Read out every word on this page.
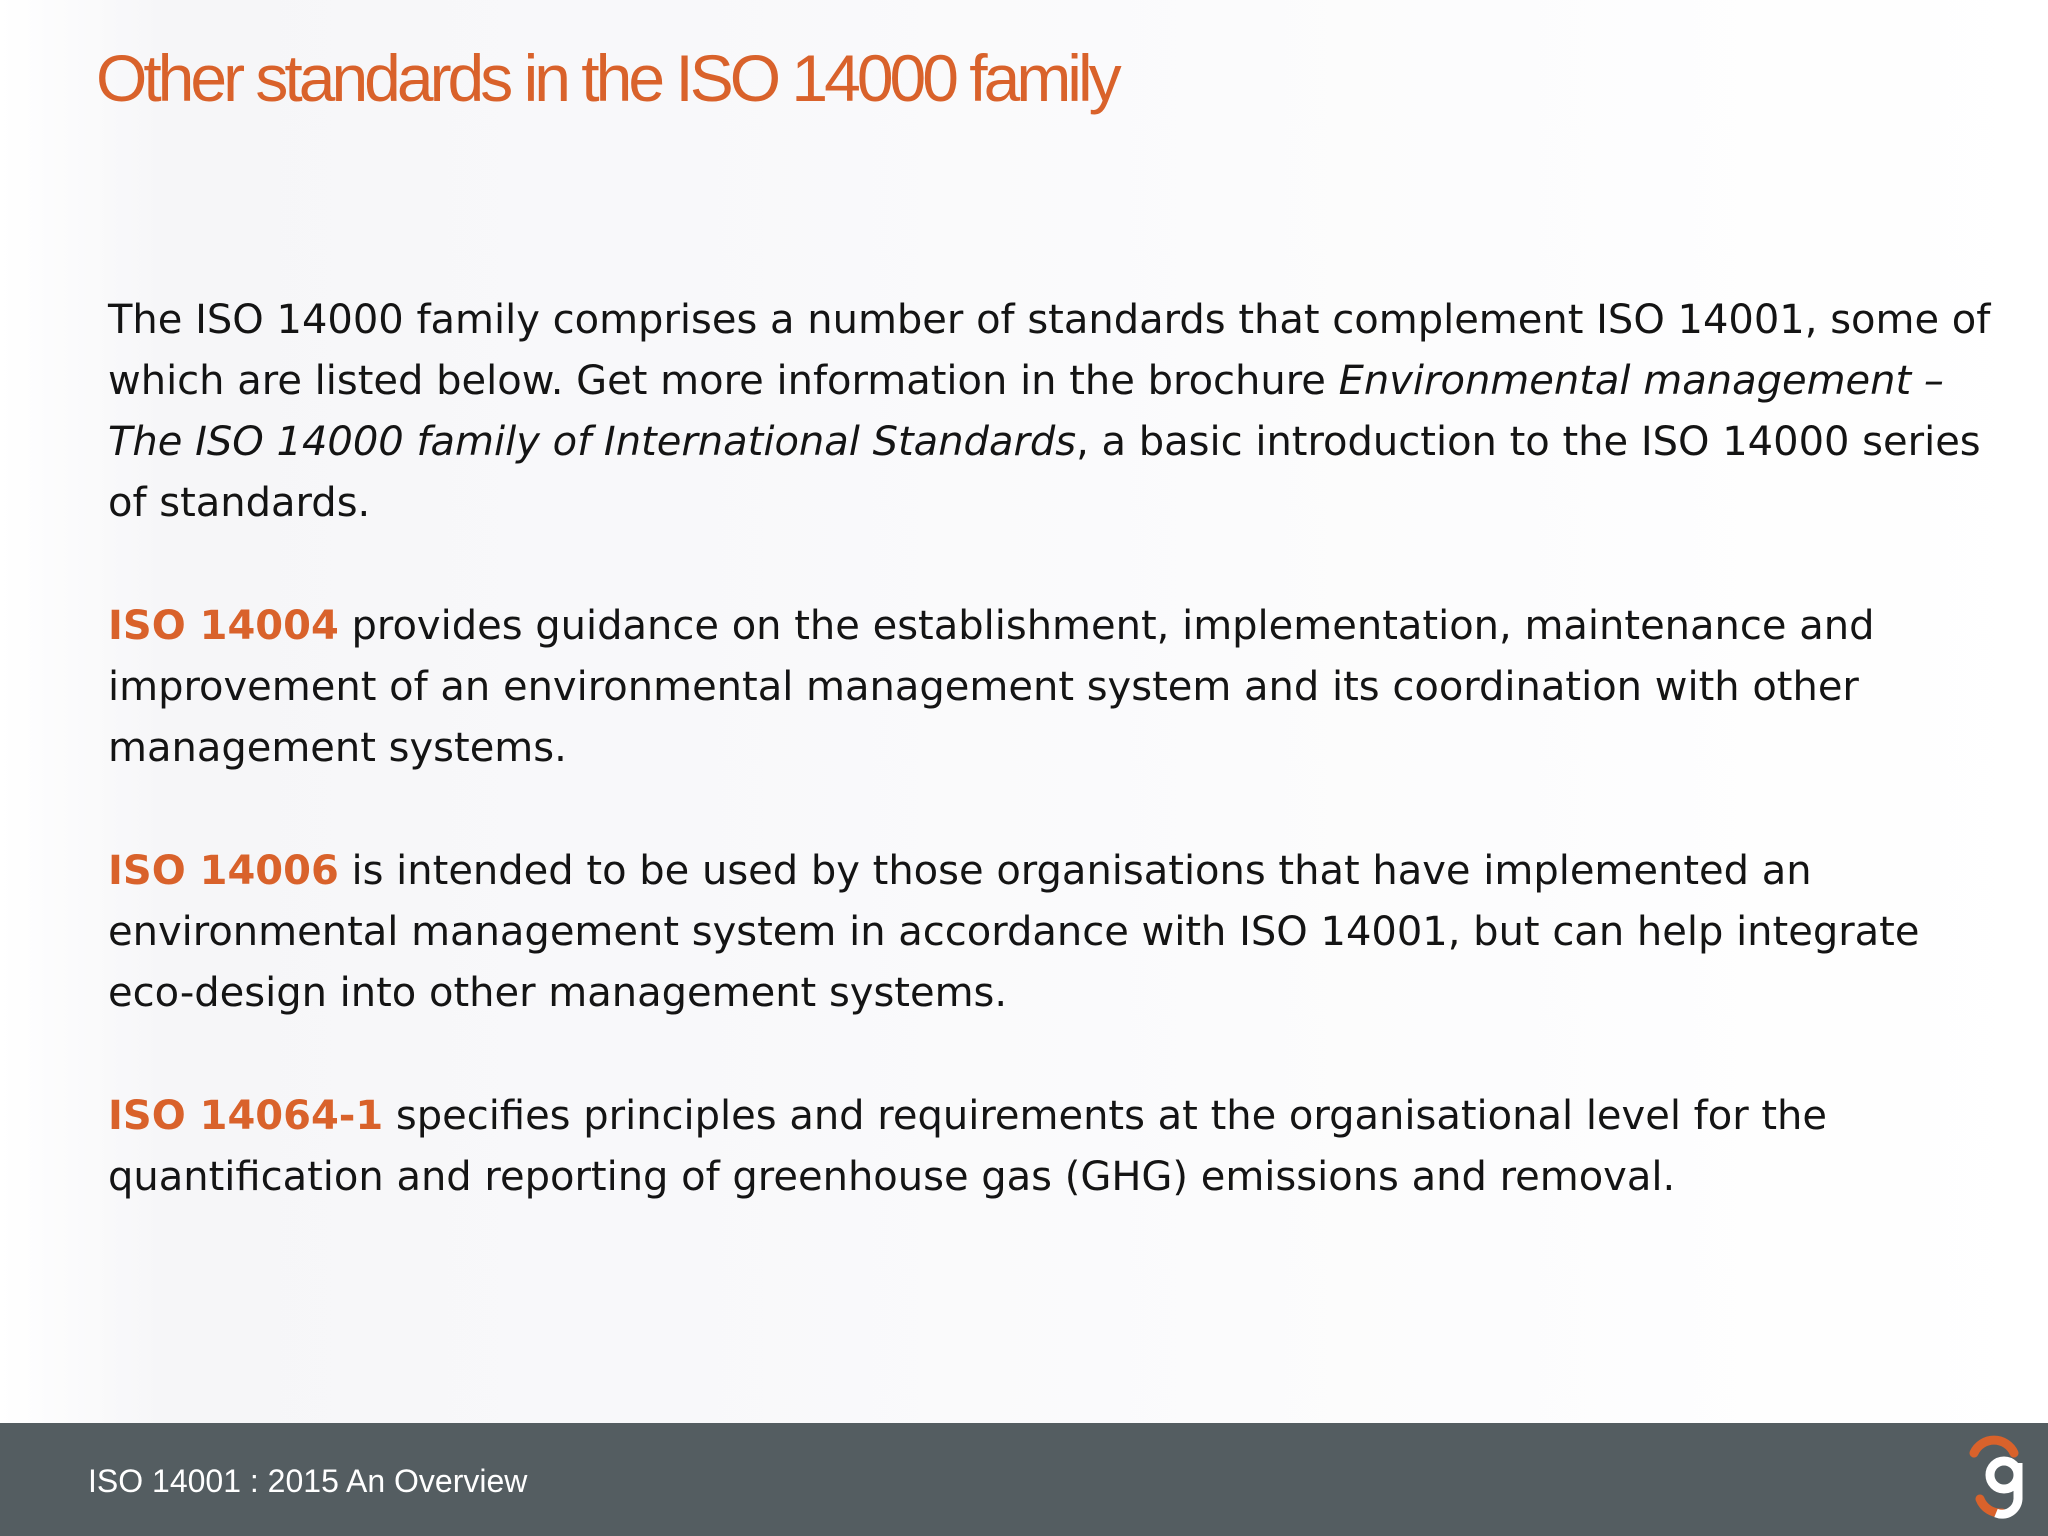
Other standards in the ISO 14000 family

The ISO 14000 family comprises a number of standards that complement ISO 14001, some of which are listed below. Get more information in the brochure Environmental management – The ISO 14000 family of International Standards, a basic introduction to the ISO 14000 series of standards.

ISO 14004 provides guidance on the establishment, implementation, maintenance and improvement of an environmental management system and its coordination with other management systems.

ISO 14006 is intended to be used by those organisations that have implemented an environmental management system in accordance with ISO 14001, but can help integrate eco-design into other management systems.

ISO 14064-1 specifies principles and requirements at the organisational level for the quantification and reporting of greenhouse gas (GHG) emissions and removal.

ISO 14001 : 2015 An Overview
